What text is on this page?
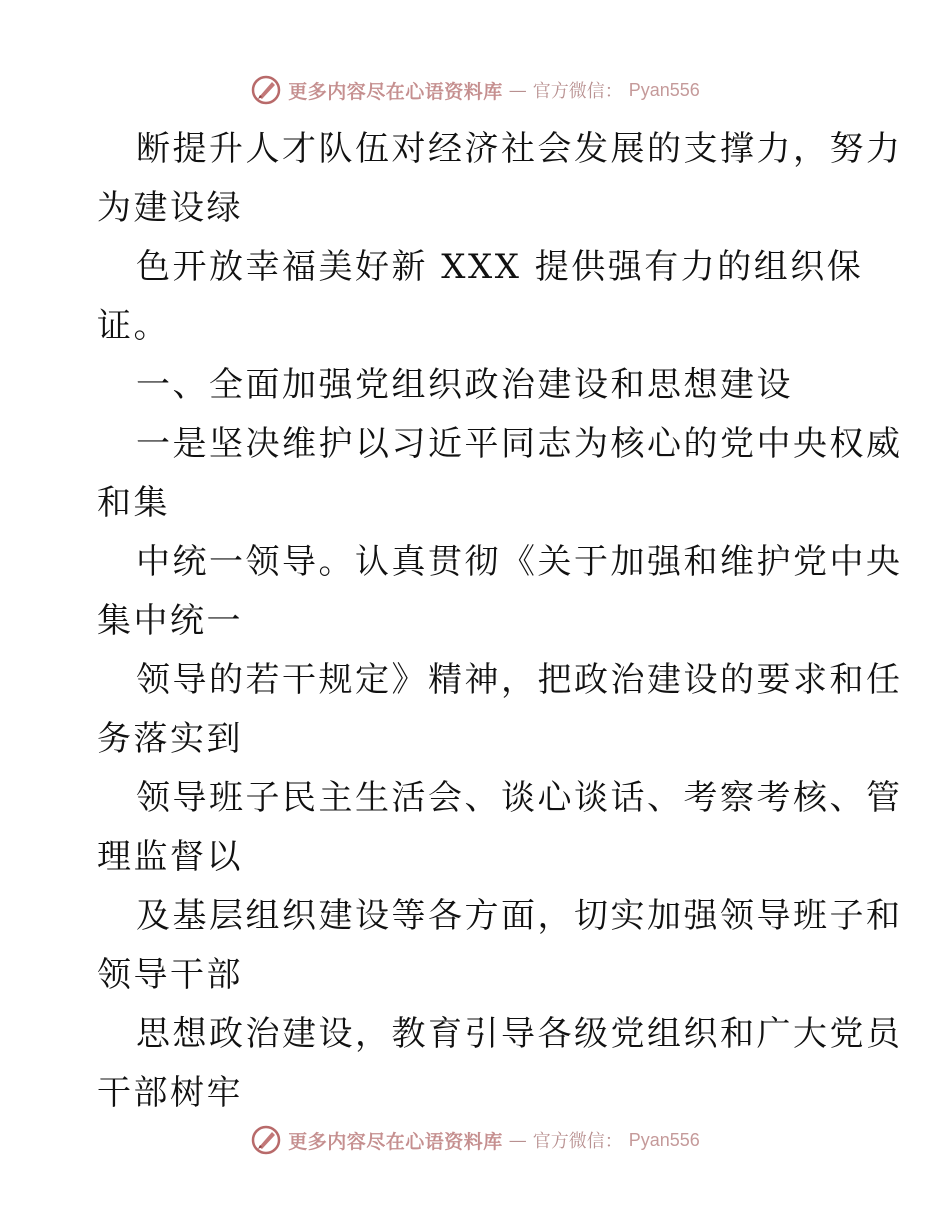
更多内容尽在心语资料库 — 官方微信： Pyan556
断提升人才队伍对经济社会发展的支撑力，努力
为建设绿
色开放幸福美好新 XXX 提供强有力的组织保
证。
一、全面加强党组织政治建设和思想建设
一是坚决维护以习近平同志为核心的党中央权威
和集
中统一领导。认真贯彻《关于加强和维护党中央
集中统一
领导的若干规定》精神，把政治建设的要求和任
务落实到
领导班子民主生活会、谈心谈话、考察考核、管
理监督以
及基层组织建设等各方面，切实加强领导班子和
领导干部
思想政治建设，教育引导各级党组织和广大党员
干部树牢
更多内容尽在心语资料库 — 官方微信： Pyan556
